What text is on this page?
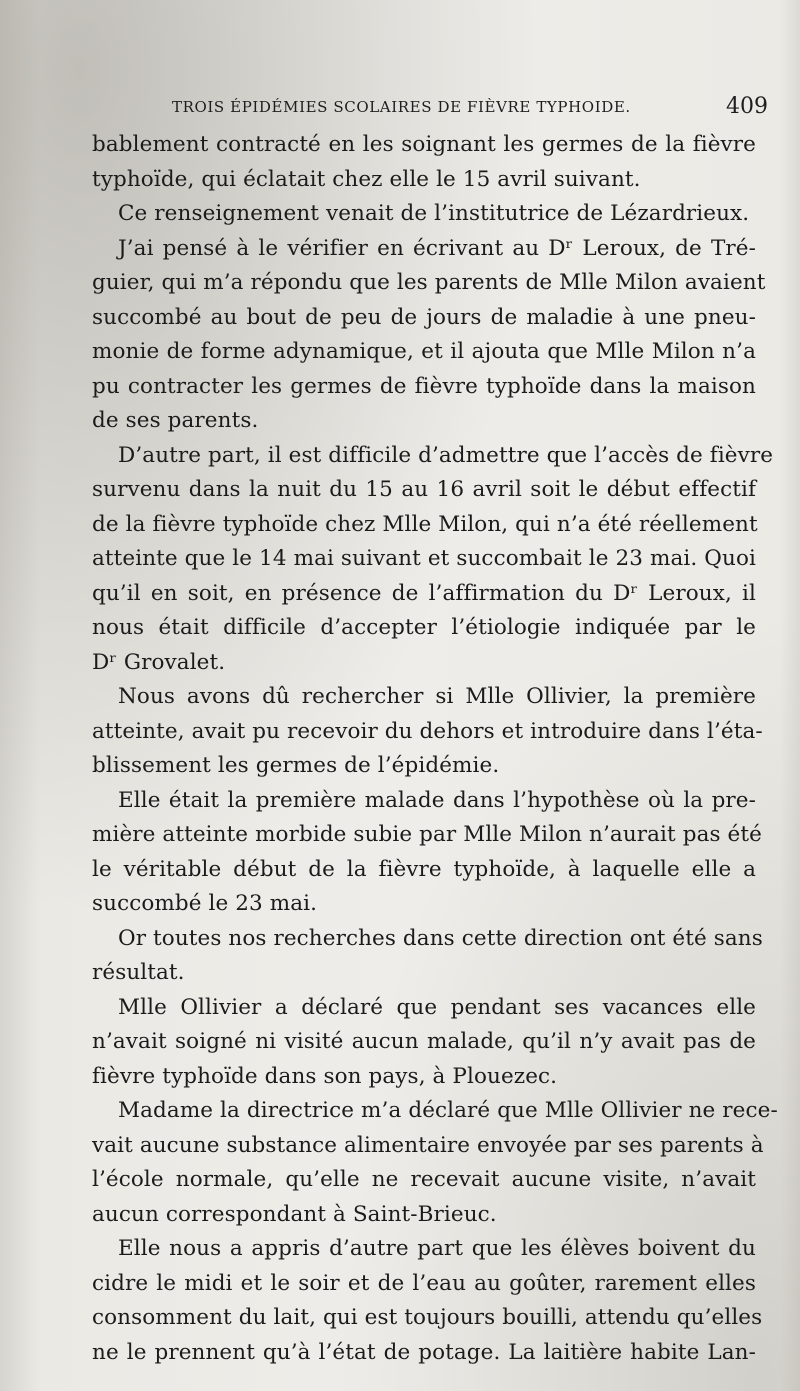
TROIS ÉPIDÉMIES SCOLAIRES DE FIÈVRE TYPHOIDE.	409
bablement contracté en les soignant les germes de la fièvre
typhoïde, qui éclatait chez elle le 15 avril suivant.
Ce renseignement venait de l’institutrice de Lézardrieux.
J’ai pensé à le vérifier en écrivant au Dʳ Leroux, de Tré-
guier, qui m’a répondu que les parents de Mlle Milon avaient
succombé au bout de peu de jours de maladie à une pneu-
monie de forme adynamique, et il ajouta que Mlle Milon n’a
pu contracter les germes de fièvre typhoïde dans la maison
de ses parents.
D’autre part, il est difficile d’admettre que l’accès de fièvre
survenu dans la nuit du 15 au 16 avril soit le début effectif
de la fièvre typhoïde chez Mlle Milon, qui n’a été réellement
atteinte que le 14 mai suivant et succombait le 23 mai. Quoi
qu’il en soit, en présence de l’affirmation du Dʳ Leroux, il
nous était difficile d’accepter l’étiologie indiquée par le
Dʳ Grovalet.
Nous avons dû rechercher si Mlle Ollivier, la première
atteinte, avait pu recevoir du dehors et introduire dans l’éta-
blissement les germes de l’épidémie.
Elle était la première malade dans l’hypothèse où la pre-
mière atteinte morbide subie par Mlle Milon n’aurait pas été
le véritable début de la fièvre typhoïde, à laquelle elle a
succombé le 23 mai.
Or toutes nos recherches dans cette direction ont été sans
résultat.
Mlle Ollivier a déclaré que pendant ses vacances elle
n’avait soigné ni visité aucun malade, qu’il n’y avait pas de
fièvre typhoïde dans son pays, à Plouezec.
Madame la directrice m’a déclaré que Mlle Ollivier ne rece-
vait aucune substance alimentaire envoyée par ses parents à
l’école normale, qu’elle ne recevait aucune visite, n’avait
aucun correspondant à Saint-Brieuc.
Elle nous a appris d’autre part que les élèves boivent du
cidre le midi et le soir et de l’eau au goûter, rarement elles
consomment du lait, qui est toujours bouilli, attendu qu’elles
ne le prennent qu’à l’état de potage. La laitière habite Lan-
